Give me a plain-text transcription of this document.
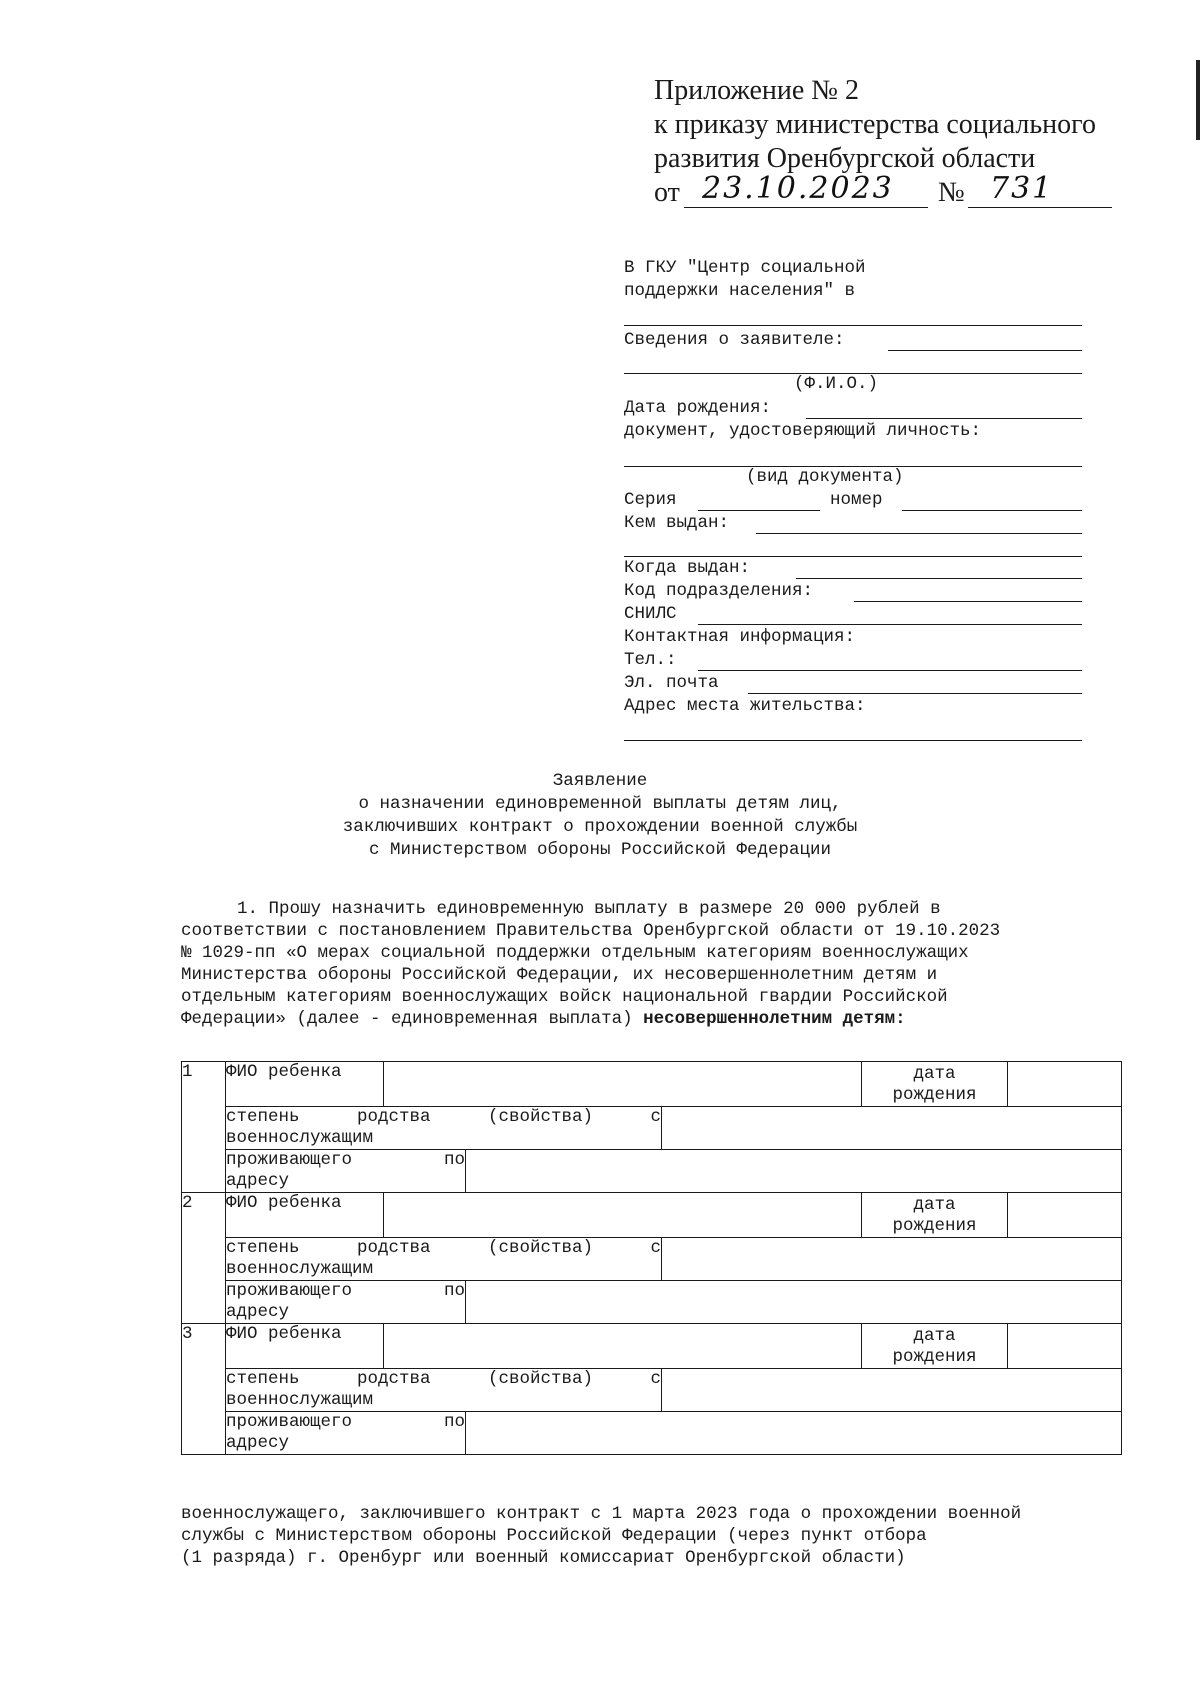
Приложение № 2
к приказу министерства социального
развития Оренбургской области
от 23.10.2023 № 731
В ГКУ "Центр социальной
поддержки населения" в
Сведения о заявителе:
(Ф.И.О.)
Дата рождения:
документ, удостоверяющий личность:
(вид документа)
Серия	номер
Кем выдан:
Когда выдан:
Код подразделения:
СНИЛС
Контактная информация:
Тел.:
Эл. почта
Адрес места жительства:
Заявление
о назначении единовременной выплаты детям лиц,
заключивших контракт о прохождении военной службы
с Министерством обороны Российской Федерации
1. Прошу назначить единовременную выплату в размере 20 000 рублей в
соответствии с постановлением Правительства Оренбургской области от 19.10.2023
№ 1029-пп «О мерах социальной поддержки отдельным категориям военнослужащих
Министерства обороны Российской Федерации, их несовершеннолетним детям и
отдельным категориям военнослужащих войск национальной гвардии Российской
Федерации» (далее - единовременная выплата)
несовершеннолетним детям:
1	ФИО ребенка				дата
рождения	

	степень родства (свойства) с
военнослужащим					

	проживающего по
адресу					

2	ФИО ребенка				дата
рождения	

	степень родства (свойства) с
военнослужащим					

	проживающего по
адресу					

3	ФИО ребенка				дата
рождения	

	степень родства (свойства) с
военнослужащим					

	проживающего по
адресу					

военнослужащего, заключившего контракт с 1 марта 2023 года о прохождении военной
службы с Министерством обороны Российской Федерации (через пункт отбора
(1 разряда) г. Оренбург или военный комиссариат Оренбургской области)
